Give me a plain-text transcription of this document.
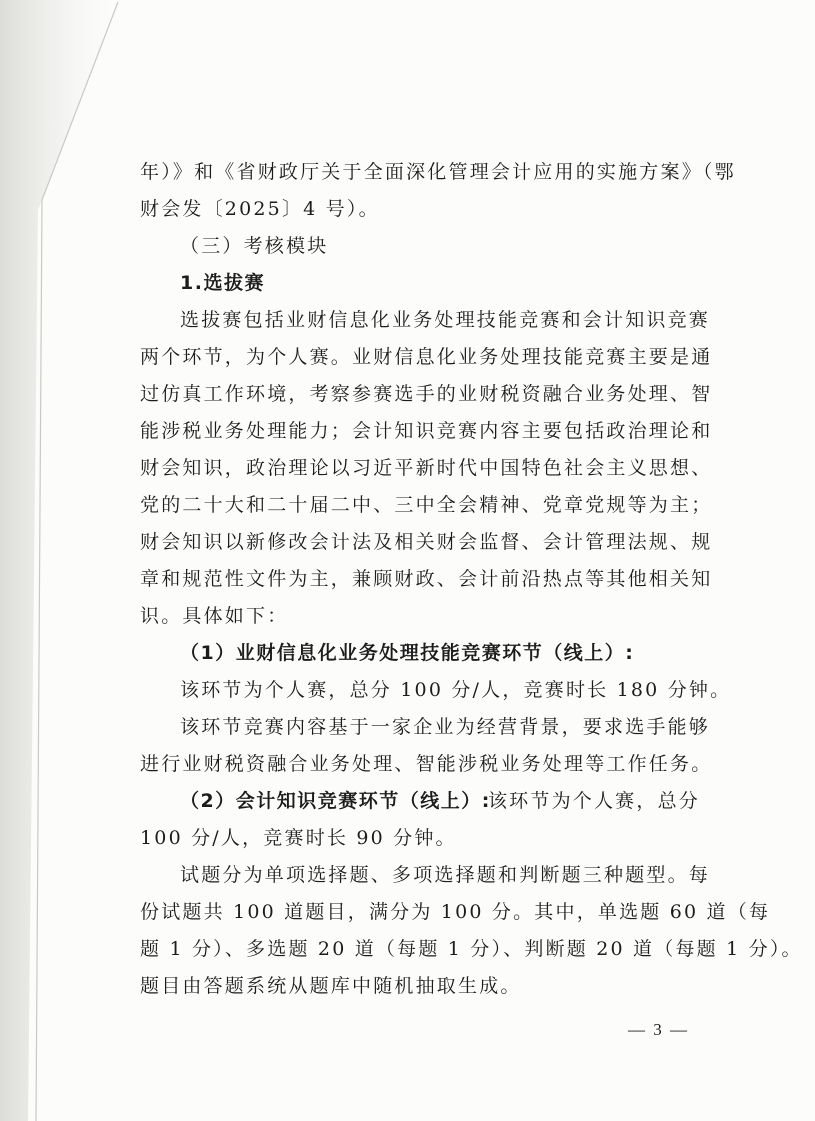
年）》和《省财政厅关于全面深化管理会计应用的实施方案》（鄂
财会发〔2025〕4 号）。
（三）考核模块
1.选拔赛
选拔赛包括业财信息化业务处理技能竞赛和会计知识竞赛
两个环节，为个人赛。业财信息化业务处理技能竞赛主要是通
过仿真工作环境，考察参赛选手的业财税资融合业务处理、智
能涉税业务处理能力；会计知识竞赛内容主要包括政治理论和
财会知识，政治理论以习近平新时代中国特色社会主义思想、
党的二十大和二十届二中、三中全会精神、党章党规等为主；
财会知识以新修改会计法及相关财会监督、会计管理法规、规
章和规范性文件为主，兼顾财政、会计前沿热点等其他相关知
识。具体如下：
（1）业财信息化业务处理技能竞赛环节（线上）:
该环节为个人赛，总分 100 分/人，竞赛时长 180 分钟。
该环节竞赛内容基于一家企业为经营背景，要求选手能够
进行业财税资融合业务处理、智能涉税业务处理等工作任务。
（2）会计知识竞赛环节（线上）:
该环节为个人赛，总分
100 分/人，竞赛时长 90 分钟。
试题分为单项选择题、多项选择题和判断题三种题型。每
份试题共 100 道题目，满分为 100 分。其中，单选题 60 道（每
题 1 分）、多选题 20 道（每题 1 分）、判断题 20 道（每题 1 分）。
题目由答题系统从题库中随机抽取生成。
— 3 —
